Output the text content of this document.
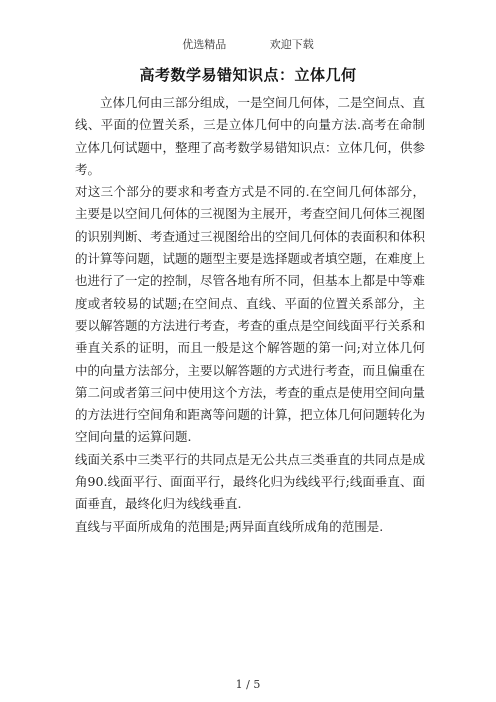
优选精品	欢迎下载
高考数学易错知识点：立体几何

立体几何由三部分组成，一是空间几何体，二是空间点、直线、平面的位置关系，三是立体几何中的向量方法.高考在命制立体几何试题中，整理了高考数学易错知识点：立体几何，供参考。

对这三个部分的要求和考查方式是不同的.在空间几何体部分，主要是以空间几何体的三视图为主展开，考查空间几何体三视图的识别判断、考查通过三视图给出的空间几何体的表面积和体积的计算等问题，试题的题型主要是选择题或者填空题，在难度上也进行了一定的控制，尽管各地有所不同，但基本上都是中等难度或者较易的试题;在空间点、直线、平面的位置关系部分，主要以解答题的方法进行考查，考查的重点是空间线面平行关系和垂直关系的证明，而且一般是这个解答题的第一问;对立体几何中的向量方法部分，主要以解答题的方式进行考查，而且偏重在第二问或者第三问中使用这个方法，考查的重点是使用空间向量的方法进行空间角和距离等问题的计算，把立体几何问题转化为空间向量的运算问题.

线面关系中三类平行的共同点是无公共点三类垂直的共同点是成角90.线面平行、面面平行，最终化归为线线平行;线面垂直、面面垂直，最终化归为线线垂直.

直线与平面所成角的范围是;两异面直线所成角的范围是.

1 / 5
